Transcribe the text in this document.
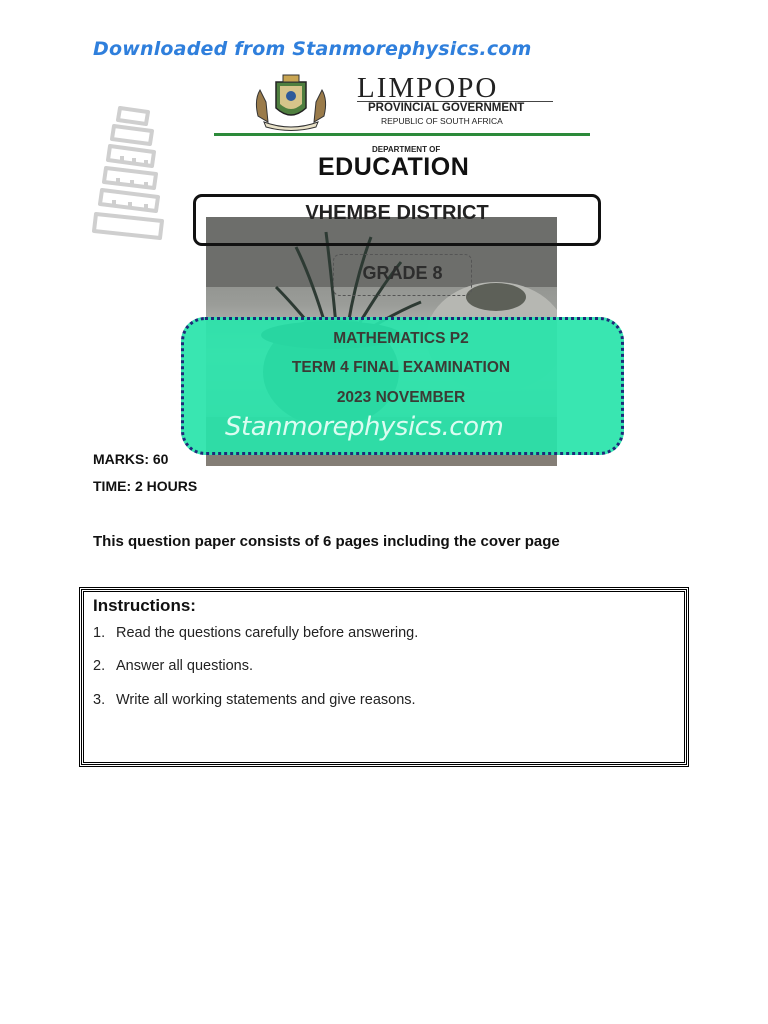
Downloaded from Stanmorephysics.com
LIMPOPO
PROVINCIAL GOVERNMENT
REPUBLIC OF SOUTH AFRICA
DEPARTMENT OF
EDUCATION
VHEMBE DISTRICT
GRADE 8
MATHEMATICS P2
TERM 4 FINAL EXAMINATION
2023 NOVEMBER
Stanmorephysics.com
MARKS: 60
TIME: 2 HOURS
This question paper consists of 6 pages including the cover page
Instructions:
1. Read the questions carefully before answering.
2. Answer all questions.
3. Write all working statements and give reasons.
